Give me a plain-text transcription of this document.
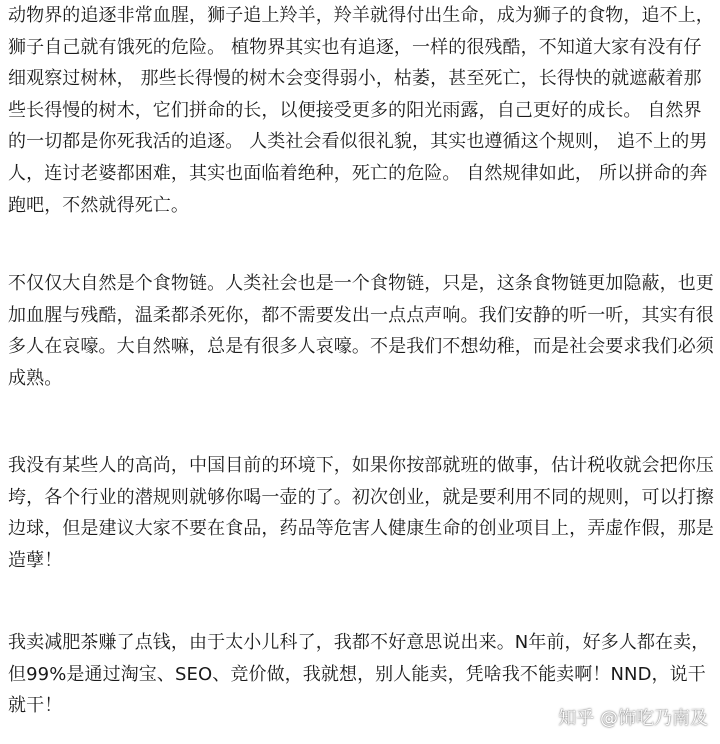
动物界的追逐非常血腥，狮子追上羚羊，羚羊就得付出生命，成为狮子的食物，追不上，狮子自己就有饿死的危险。 植物界其实也有追逐，一样的很残酷，不知道大家有没有仔细观察过树林， 那些长得慢的树木会变得弱小，枯萎，甚至死亡，长得快的就遮蔽着那些长得慢的树木，它们拼命的长，以便接受更多的阳光雨露，自己更好的成长。 自然界的一切都是你死我活的追逐。 人类社会看似很礼貌，其实也遵循这个规则， 追不上的男人，连讨老婆都困难，其实也面临着绝种，死亡的危险。 自然规律如此， 所以拼命的奔跑吧，不然就得死亡。

不仅仅大自然是个食物链。人类社会也是一个食物链，只是，这条食物链更加隐蔽，也更加血腥与残酷，温柔都杀死你，都不需要发出一点点声响。我们安静的听一听，其实有很多人在哀嚎。大自然嘛，总是有很多人哀嚎。不是我们不想幼稚，而是社会要求我们必须成熟。

我没有某些人的高尚，中国目前的环境下，如果你按部就班的做事，估计税收就会把你压垮，各个行业的潜规则就够你喝一壶的了。初次创业，就是要利用不同的规则，可以打擦边球，但是建议大家不要在食品，药品等危害人健康生命的创业项目上，弄虚作假，那是造孽！

我卖减肥茶赚了点钱，由于太小儿科了，我都不好意思说出来。N年前，好多人都在卖，但99%是通过淘宝、SEO、竞价做，我就想，别人能卖，凭啥我不能卖啊！NND，说干就干！

知乎 @饰吃乃南及
